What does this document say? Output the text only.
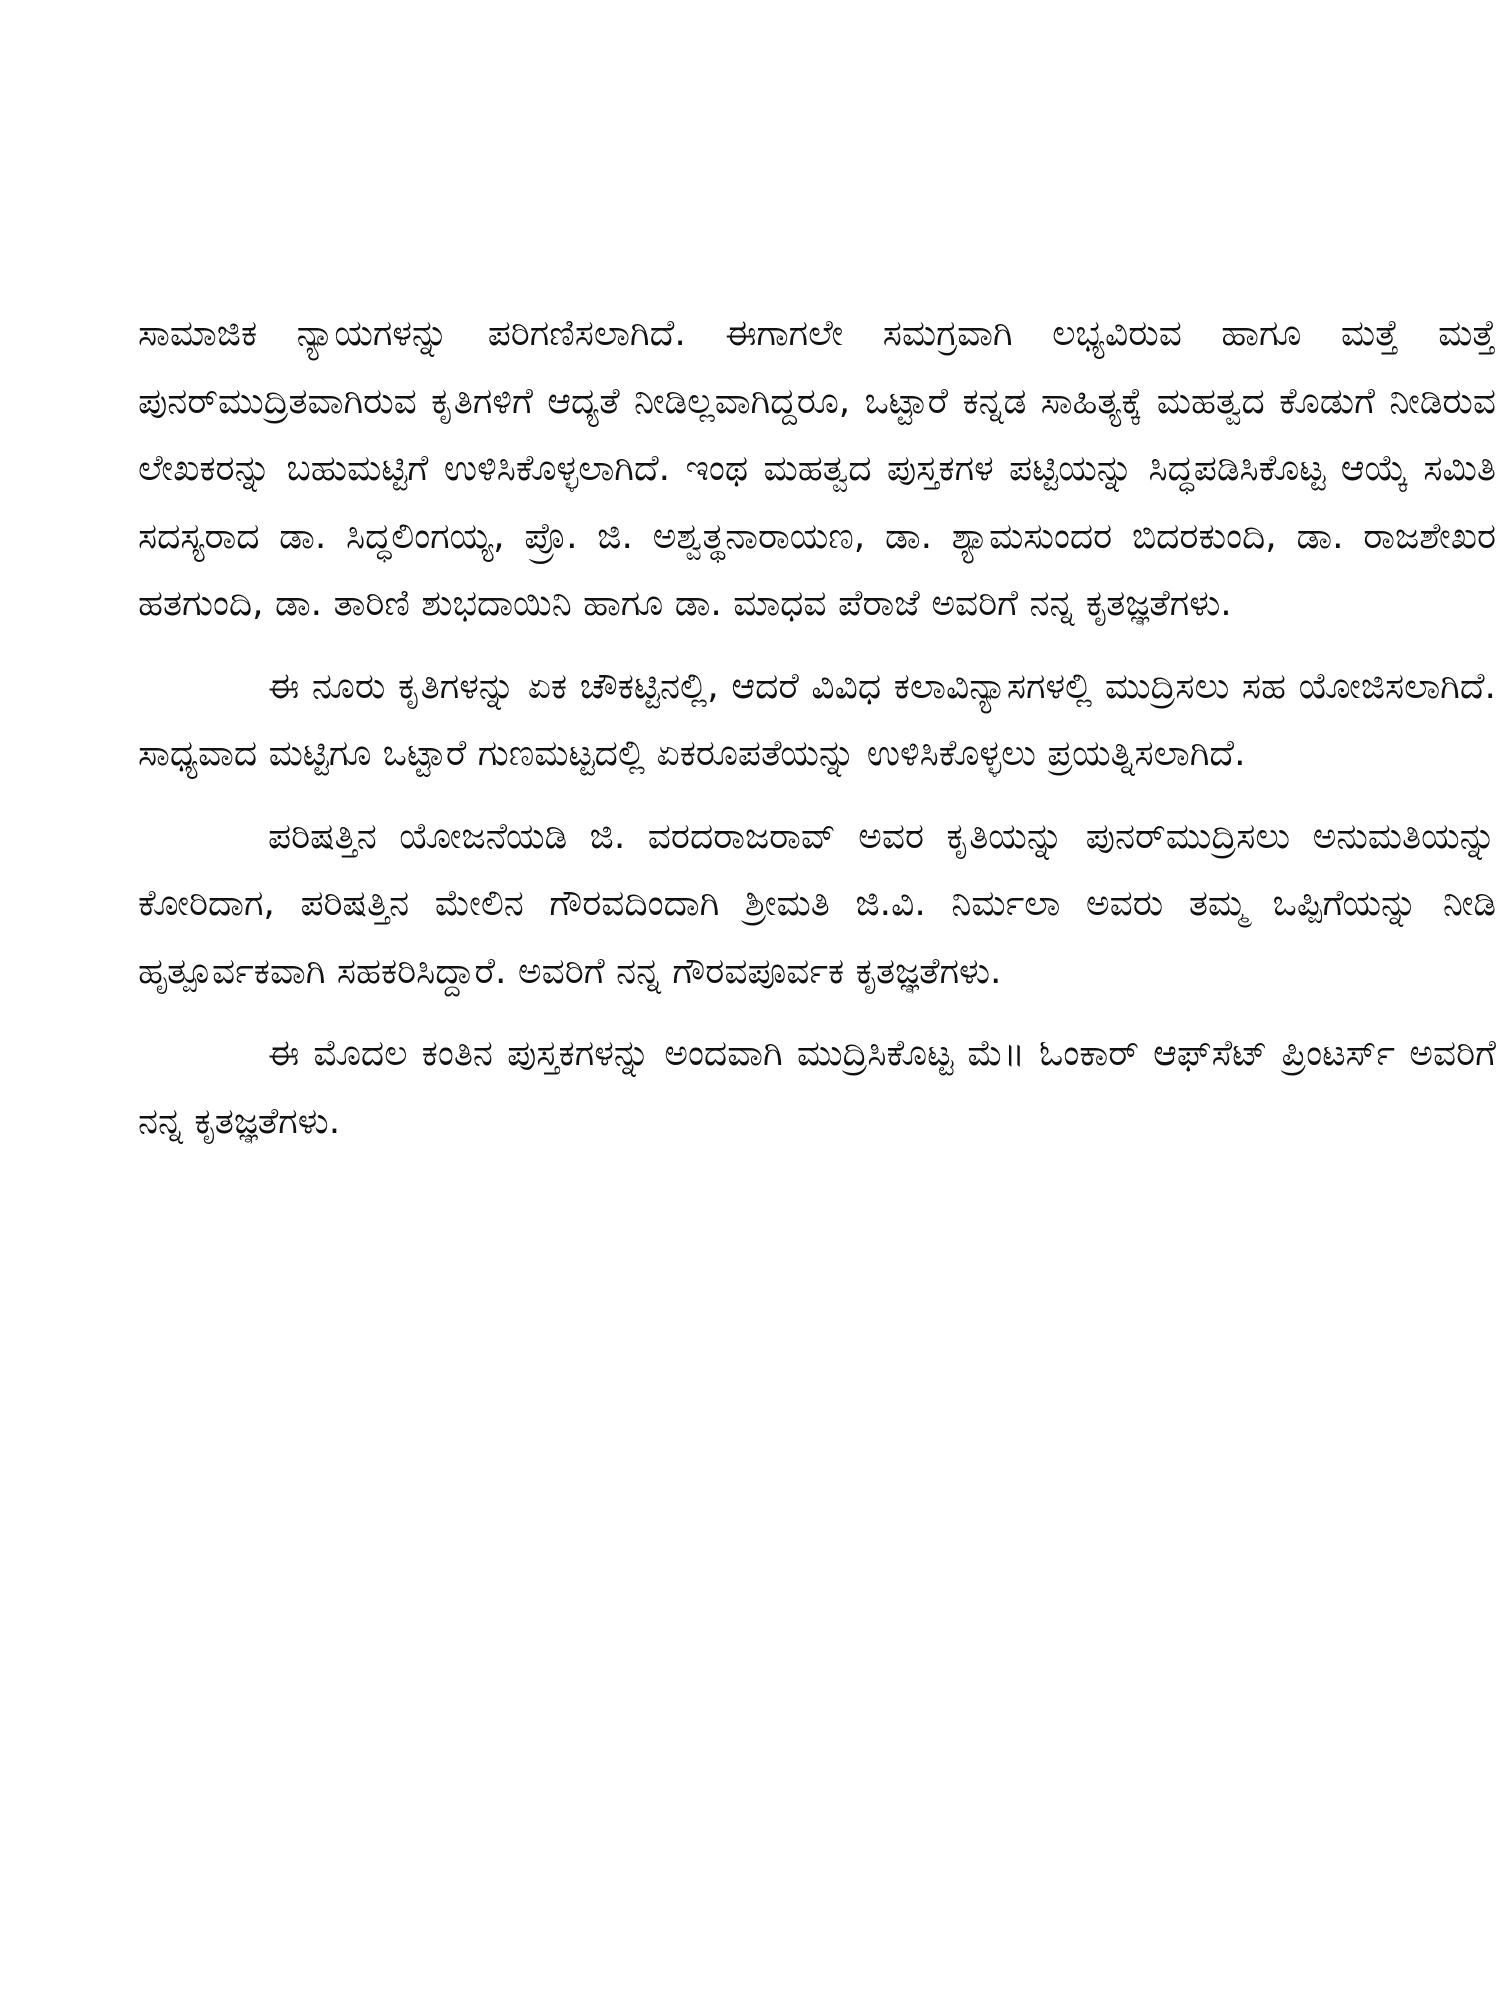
ಸಾಮಾಜಿಕ ನ್ಯಾಯಗಳನ್ನು ಪರಿಗಣಿಸಲಾಗಿದೆ. ಈಗಾಗಲೇ ಸಮಗ್ರವಾಗಿ ಲಭ್ಯವಿರುವ ಹಾಗೂ ಮತ್ತೆ ಮತ್ತೆ ಪುನರ್‌ಮುದ್ರಿತವಾಗಿರುವ ಕೃತಿಗಳಿಗೆ ಆದ್ಯತೆ ನೀಡಿಲ್ಲವಾಗಿದ್ದರೂ, ಒಟ್ಟಾರೆ ಕನ್ನಡ ಸಾಹಿತ್ಯಕ್ಕೆ ಮಹತ್ವದ ಕೊಡುಗೆ ನೀಡಿರುವ ಲೇಖಕರನ್ನು ಬಹುಮಟ್ಟಿಗೆ ಉಳಿಸಿಕೊಳ್ಳಲಾಗಿದೆ. ಇಂಥ ಮಹತ್ವದ ಪುಸ್ತಕಗಳ ಪಟ್ಟಿಯನ್ನು ಸಿದ್ಧಪಡಿಸಿಕೊಟ್ಟ ಆಯ್ಕೆ ಸಮಿತಿ ಸದಸ್ಯರಾದ ಡಾ. ಸಿದ್ಧಲಿಂಗಯ್ಯ, ಪ್ರೊ. ಜಿ. ಅಶ್ವತ್ಥನಾರಾಯಣ, ಡಾ. ಶ್ಯಾಮಸುಂದರ ಬಿದರಕುಂದಿ, ಡಾ. ರಾಜಶೇಖರ ಹತಗುಂದಿ, ಡಾ. ತಾರಿಣಿ ಶುಭದಾಯಿನಿ ಹಾಗೂ ಡಾ. ಮಾಧವ ಪೆರಾಜೆ ಅವರಿಗೆ ನನ್ನ ಕೃತಜ್ಞತೆಗಳು.

ಈ ನೂರು ಕೃತಿಗಳನ್ನು ಏಕ ಚೌಕಟ್ಟಿನಲ್ಲಿ, ಆದರೆ ವಿವಿಧ ಕಲಾವಿನ್ಯಾಸಗಳಲ್ಲಿ ಮುದ್ರಿಸಲು ಸಹ ಯೋಜಿಸಲಾಗಿದೆ. ಸಾಧ್ಯವಾದ ಮಟ್ಟಿಗೂ ಒಟ್ಟಾರೆ ಗುಣಮಟ್ಟದಲ್ಲಿ ಏಕರೂಪತೆಯನ್ನು ಉಳಿಸಿಕೊಳ್ಳಲು ಪ್ರಯತ್ನಿಸಲಾಗಿದೆ.

ಪರಿಷತ್ತಿನ ಯೋಜನೆಯಡಿ ಜಿ. ವರದರಾಜರಾವ್ ಅವರ ಕೃತಿಯನ್ನು ಪುನರ್‌ಮುದ್ರಿಸಲು ಅನುಮತಿಯನ್ನು ಕೋರಿದಾಗ, ಪರಿಷತ್ತಿನ ಮೇಲಿನ ಗೌರವದಿಂದಾಗಿ ಶ್ರೀಮತಿ ಜಿ.ವಿ. ನಿರ್ಮಲಾ ಅವರು ತಮ್ಮ ಒಪ್ಪಿಗೆಯನ್ನು ನೀಡಿ ಹೃತ್ಪೂರ್ವಕವಾಗಿ ಸಹಕರಿಸಿದ್ದಾರೆ. ಅವರಿಗೆ ನನ್ನ ಗೌರವಪೂರ್ವಕ ಕೃತಜ್ಞತೆಗಳು.

ಈ ಮೊದಲ ಕಂತಿನ ಪುಸ್ತಕಗಳನ್ನು ಅಂದವಾಗಿ ಮುದ್ರಿಸಿಕೊಟ್ಟ ಮೆ॥ ಓಂಕಾರ್ ಆಫ್‌ಸೆಟ್ ಪ್ರಿಂಟರ್ಸ್ ಅವರಿಗೆ ನನ್ನ ಕೃತಜ್ಞತೆಗಳು.
